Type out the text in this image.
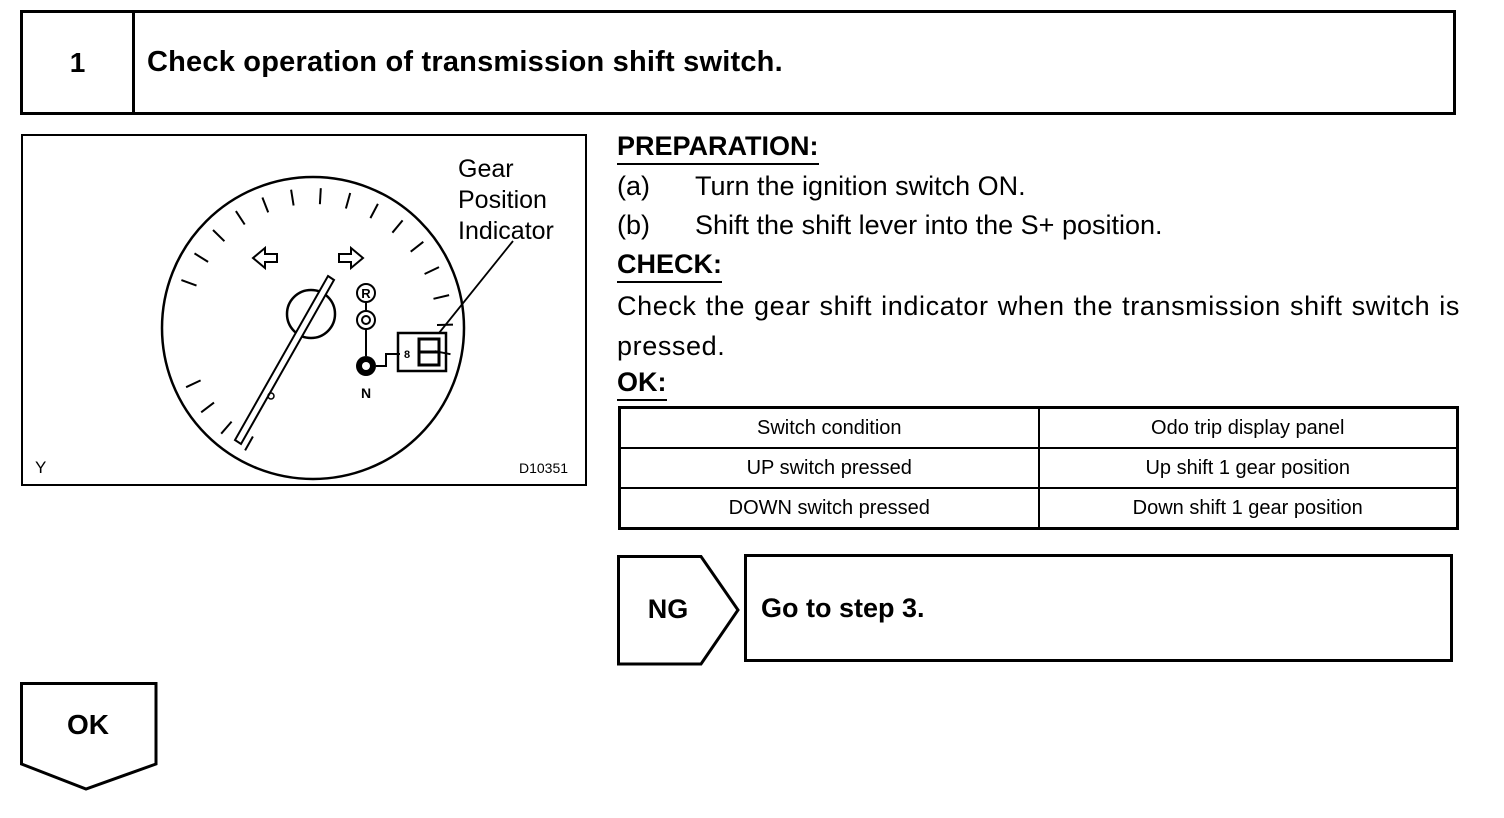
1	Check operation of transmission shift switch.
R
N
8
Gear
Position
Indicator
Y	D10351
PREPARATION:
(a) Turn the ignition switch ON.
(b) Shift the shift lever into the S+ position.
CHECK:
Check the gear shift indicator when the transmission shift switch is pressed.
OK:
Switch condition	Odo trip display panel
UP switch pressed	Up shift 1 gear position
DOWN switch pressed	Down shift 1 gear position
NG	Go to step 3.
OK
